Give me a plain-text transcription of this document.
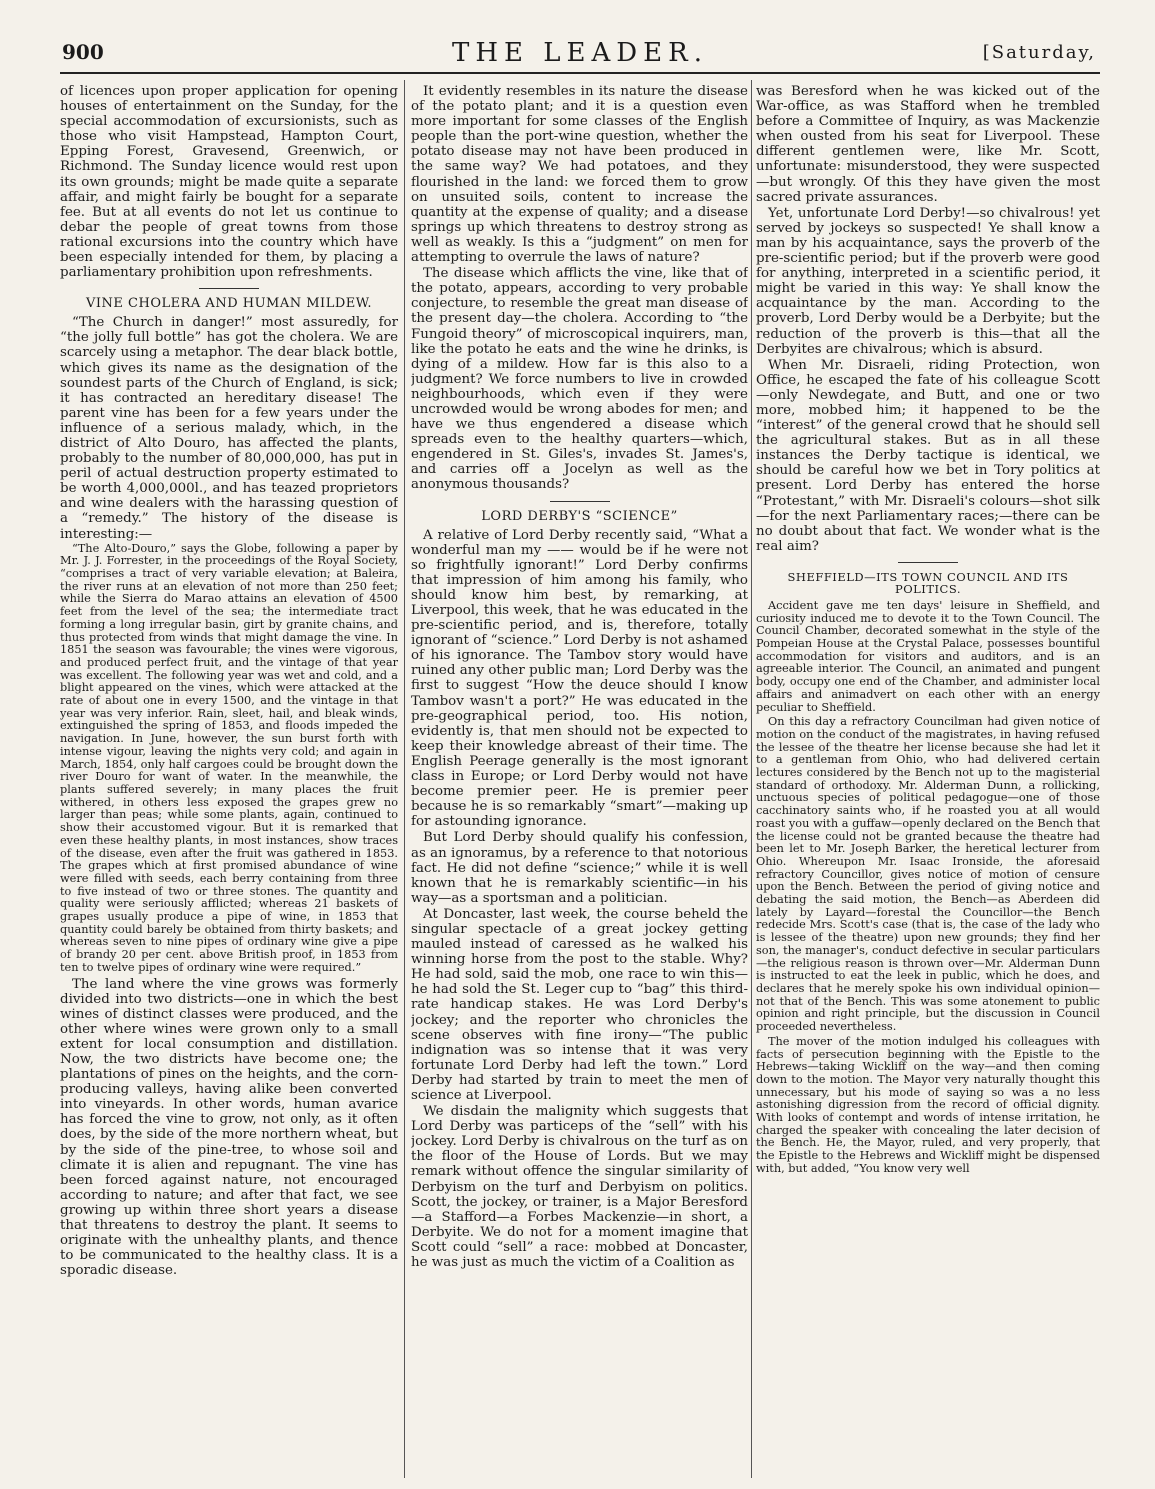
900	THE LEADER.	[Saturday,

of licences upon proper application for opening houses of entertainment on the Sunday, for the special accommodation of excursionists, such as those who visit Hampstead, Hampton Court, Epping Forest, Gravesend, Greenwich, or Richmond. The Sunday licence would rest upon its own grounds; might be made quite a separate affair, and might fairly be bought for a separate fee. But at all events do not let us continue to debar the people of great towns from those rational excursions into the country which have been especially intended for them, by placing a parliamentary prohibition upon refreshments.

VINE CHOLERA AND HUMAN MILDEW.

“The Church in danger!” most assuredly, for “the jolly full bottle” has got the cholera. We are scarcely using a metaphor. The dear black bottle, which gives its name as the designation of the soundest parts of the Church of England, is sick; it has contracted an hereditary disease! The parent vine has been for a few years under the influence of a serious malady, which, in the district of Alto Douro, has affected the plants, probably to the number of 80,000,000, has put in peril of actual destruction property estimated to be worth 4,000,000l., and has teazed proprietors and wine dealers with the harassing question of a “remedy.” The history of the disease is interesting:—

“The Alto-Douro,” says the Globe, following a paper by Mr. J. J. Forrester, in the proceedings of the Royal Society, “comprises a tract of very variable elevation; at Baleira, the river runs at an elevation of not more than 250 feet; while the Sierra do Marao attains an elevation of 4500 feet from the level of the sea; the intermediate tract forming a long irregular basin, girt by granite chains, and thus protected from winds that might damage the vine. In 1851 the season was favourable; the vines were vigorous, and produced perfect fruit, and the vintage of that year was excellent. The following year was wet and cold, and a blight appeared on the vines, which were attacked at the rate of about one in every 1500, and the vintage in that year was very inferior. Rain, sleet, hail, and bleak winds, extinguished the spring of 1853, and floods impeded the navigation. In June, however, the sun burst forth with intense vigour, leaving the nights very cold; and again in March, 1854, only half cargoes could be brought down the river Douro for want of water. In the meanwhile, the plants suffered severely; in many places the fruit withered, in others less exposed the grapes grew no larger than peas; while some plants, again, continued to show their accustomed vigour. But it is remarked that even these healthy plants, in most instances, show traces of the disease, even after the fruit was gathered in 1853. The grapes which at first promised abundance of wine were filled with seeds, each berry containing from three to five instead of two or three stones. The quantity and quality were seriously afflicted; whereas 21 baskets of grapes usually produce a pipe of wine, in 1853 that quantity could barely be obtained from thirty baskets; and whereas seven to nine pipes of ordinary wine give a pipe of brandy 20 per cent. above British proof, in 1853 from ten to twelve pipes of ordinary wine were required.”

The land where the vine grows was formerly divided into two districts—one in which the best wines of distinct classes were produced, and the other where wines were grown only to a small extent for local consumption and distillation. Now, the two districts have become one; the plantations of pines on the heights, and the corn-producing valleys, having alike been converted into vineyards. In other words, human avarice has forced the vine to grow, not only, as it often does, by the side of the more northern wheat, but by the side of the pine-tree, to whose soil and climate it is alien and repugnant. The vine has been forced against nature, not encouraged according to nature; and after that fact, we see growing up within three short years a disease that threatens to destroy the plant. It seems to originate with the unhealthy plants, and thence to be communicated to the healthy class. It is a sporadic disease.

It evidently resembles in its nature the disease of the potato plant; and it is a question even more important for some classes of the English people than the port-wine question, whether the potato disease may not have been produced in the same way? We had potatoes, and they flourished in the land: we forced them to grow on unsuited soils, content to increase the quantity at the expense of quality; and a disease springs up which threatens to destroy strong as well as weakly. Is this a “judgment” on men for attempting to overrule the laws of nature?

The disease which afflicts the vine, like that of the potato, appears, according to very probable conjecture, to resemble the great man disease of the present day—the cholera. According to “the Fungoid theory” of microscopical inquirers, man, like the potato he eats and the wine he drinks, is dying of a mildew. How far is this also to a judgment? We force numbers to live in crowded neighbourhoods, which even if they were uncrowded would be wrong abodes for men; and have we thus engendered a disease which spreads even to the healthy quarters—which, engendered in St. Giles's, invades St. James's, and carries off a Jocelyn as well as the anonymous thousands?

LORD DERBY'S “SCIENCE”

A relative of Lord Derby recently said, “What a wonderful man my —— would be if he were not so frightfully ignorant!” Lord Derby confirms that impression of him among his family, who should know him best, by remarking, at Liverpool, this week, that he was educated in the pre-scientific period, and is, therefore, totally ignorant of “science.” Lord Derby is not ashamed of his ignorance. The Tambov story would have ruined any other public man; Lord Derby was the first to suggest “How the deuce should I know Tambov wasn't a port?” He was educated in the pre-geographical period, too. His notion, evidently is, that men should not be expected to keep their knowledge abreast of their time. The English Peerage generally is the most ignorant class in Europe; or Lord Derby would not have become premier peer. He is premier peer because he is so remarkably “smart”—making up for astounding ignorance.

But Lord Derby should qualify his confession, as an ignoramus, by a reference to that notorious fact. He did not define “science;” while it is well known that he is remarkably scientific—in his way—as a sportsman and a politician.

At Doncaster, last week, the course beheld the singular spectacle of a great jockey getting mauled instead of caressed as he walked his winning horse from the post to the stable. Why? He had sold, said the mob, one race to win this—he had sold the St. Leger cup to “bag” this third-rate handicap stakes. He was Lord Derby's jockey; and the reporter who chronicles the scene observes with fine irony—“The public indignation was so intense that it was very fortunate Lord Derby had left the town.” Lord Derby had started by train to meet the men of science at Liverpool.

We disdain the malignity which suggests that Lord Derby was particeps of the “sell” with his jockey. Lord Derby is chivalrous on the turf as on the floor of the House of Lords. But we may remark without offence the singular similarity of Derbyism on the turf and Derbyism on politics. Scott, the jockey, or trainer, is a Major Beresford—a Stafford—a Forbes Mackenzie—in short, a Derbyite. We do not for a moment imagine that Scott could “sell” a race: mobbed at Doncaster, he was just as much the victim of a Coalition as

was Beresford when he was kicked out of the War-office, as was Stafford when he trembled before a Committee of Inquiry, as was Mackenzie when ousted from his seat for Liverpool. These different gentlemen were, like Mr. Scott, unfortunate: misunderstood, they were suspected—but wrongly. Of this they have given the most sacred private assurances.

Yet, unfortunate Lord Derby!—so chivalrous! yet served by jockeys so suspected! Ye shall know a man by his acquaintance, says the proverb of the pre-scientific period; but if the proverb were good for anything, interpreted in a scientific period, it might be varied in this way: Ye shall know the acquaintance by the man. According to the proverb, Lord Derby would be a Derbyite; but the reduction of the proverb is this—that all the Derbyites are chivalrous; which is absurd.

When Mr. Disraeli, riding Protection, won Office, he escaped the fate of his colleague Scott—only Newdegate, and Butt, and one or two more, mobbed him; it happened to be the “interest” of the general crowd that he should sell the agricultural stakes. But as in all these instances the Derby tactique is identical, we should be careful how we bet in Tory politics at present. Lord Derby has entered the horse “Protestant,” with Mr. Disraeli's colours—shot silk—for the next Parliamentary races;—there can be no doubt about that fact. We wonder what is the real aim?

SHEFFIELD—ITS TOWN COUNCIL AND ITS POLITICS.

Accident gave me ten days' leisure in Sheffield, and curiosity induced me to devote it to the Town Council. The Council Chamber, decorated somewhat in the style of the Pompeian House at the Crystal Palace, possesses bountiful accommodation for visitors and auditors, and is an agreeable interior. The Council, an animated and pungent body, occupy one end of the Chamber, and administer local affairs and animadvert on each other with an energy peculiar to Sheffield.

On this day a refractory Councilman had given notice of motion on the conduct of the magistrates, in having refused the lessee of the theatre her license because she had let it to a gentleman from Ohio, who had delivered certain lectures considered by the Bench not up to the magisterial standard of orthodoxy. Mr. Alderman Dunn, a rollicking, unctuous species of political pedagogue—one of those cacchinatory saints who, if he roasted you at all would roast you with a guffaw—openly declared on the Bench that the license could not be granted because the theatre had been let to Mr. Joseph Barker, the heretical lecturer from Ohio. Whereupon Mr. Isaac Ironside, the aforesaid refractory Councillor, gives notice of motion of censure upon the Bench. Between the period of giving notice and debating the said motion, the Bench—as Aberdeen did lately by Layard—forestal the Councillor—the Bench redecide Mrs. Scott's case (that is, the case of the lady who is lessee of the theatre) upon new grounds; they find her son, the manager's, conduct defective in secular particulars—the religious reason is thrown over—Mr. Alderman Dunn is instructed to eat the leek in public, which he does, and declares that he merely spoke his own individual opinion—not that of the Bench. This was some atonement to public opinion and right principle, but the discussion in Council proceeded nevertheless.

The mover of the motion indulged his colleagues with facts of persecution beginning with the Epistle to the Hebrews—taking Wickliff on the way—and then coming down to the motion. The Mayor very naturally thought this unnecessary, but his mode of saying so was a no less astonishing digression from the record of official dignity. With looks of contempt and words of intense irritation, he charged the speaker with concealing the later decision of the Bench. He, the Mayor, ruled, and very properly, that the Epistle to the Hebrews and Wickliff might be dispensed with, but added, “You know very well
